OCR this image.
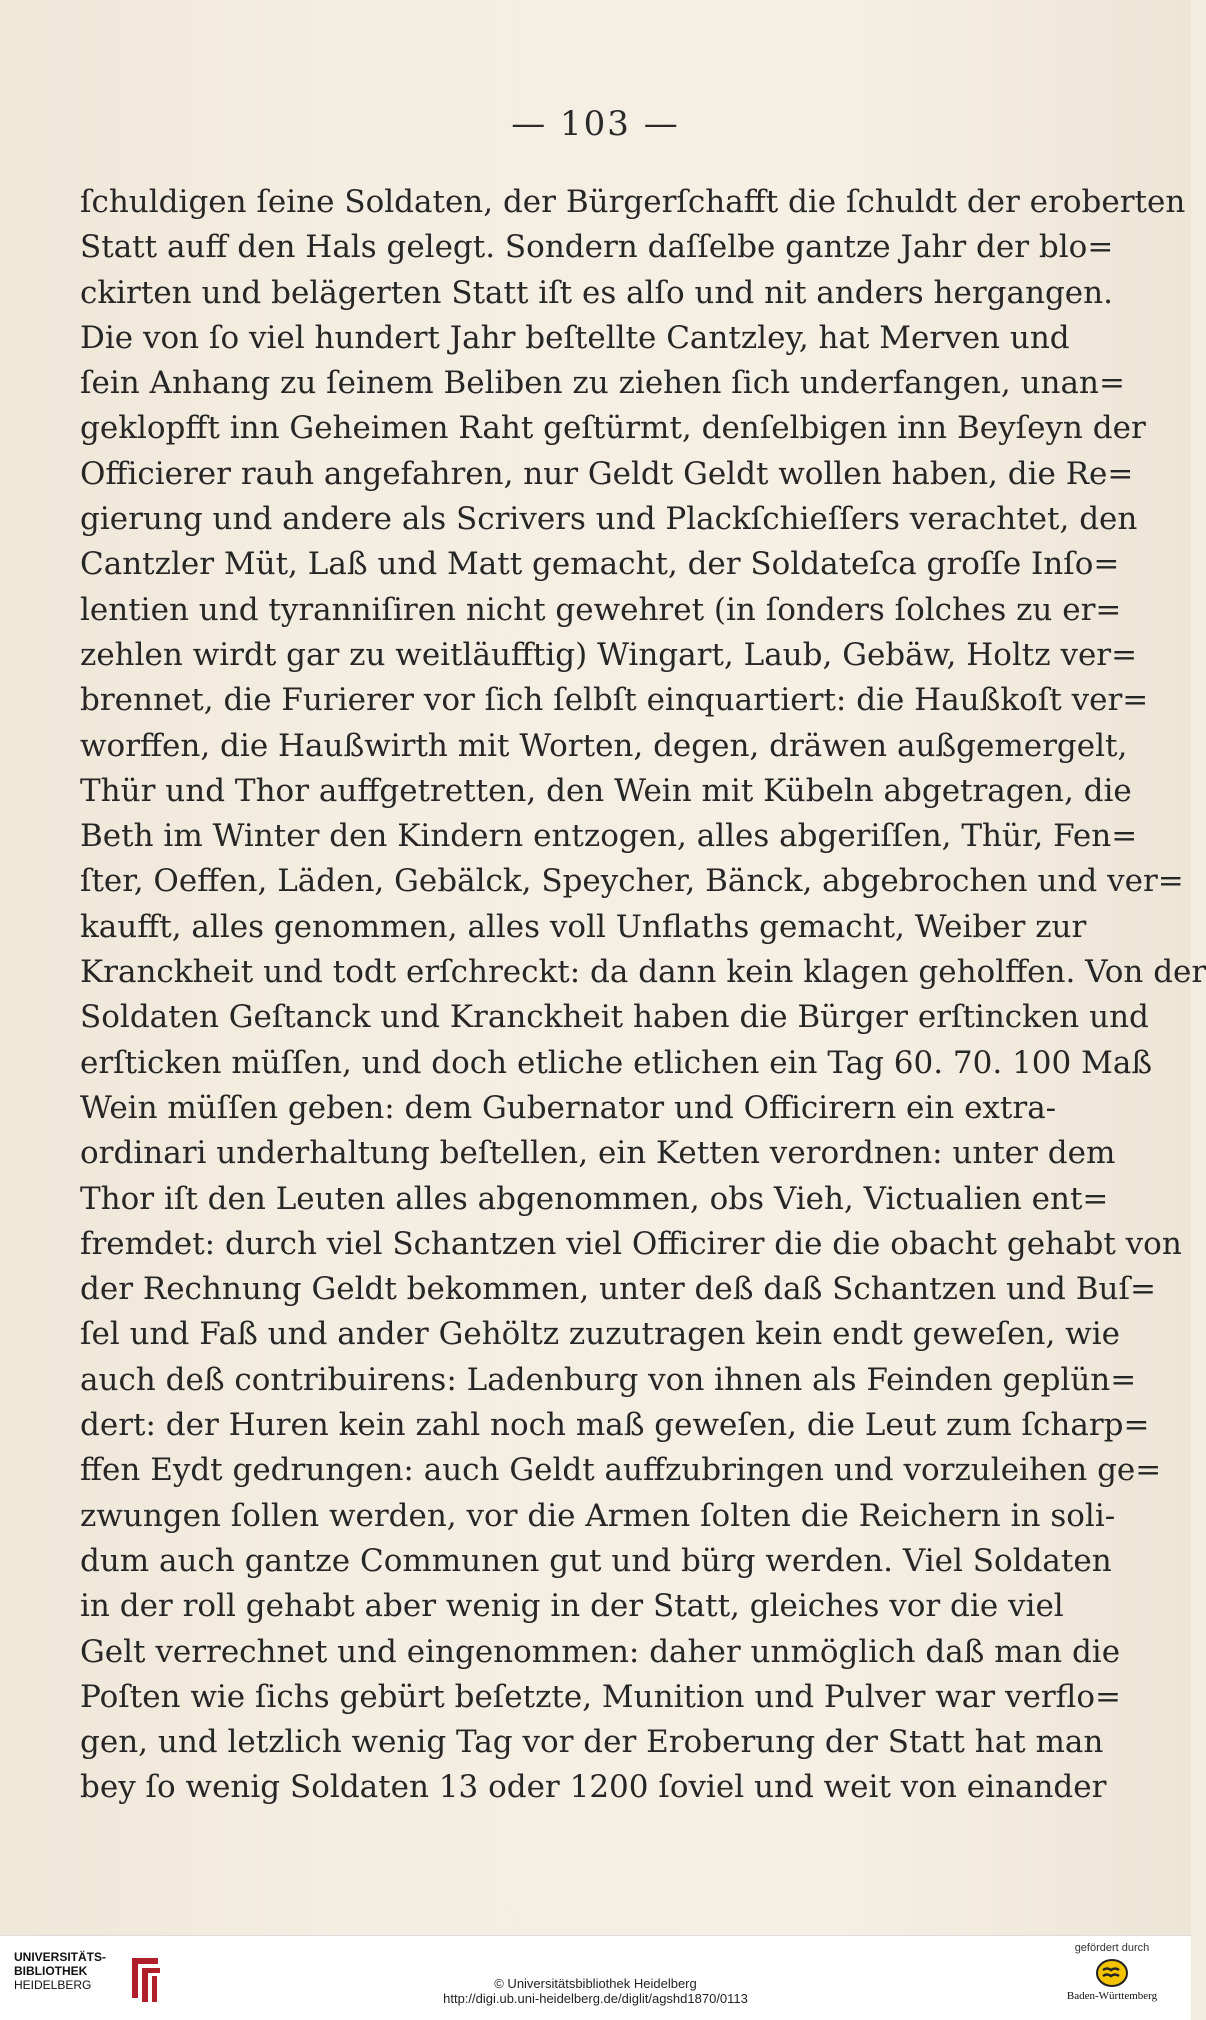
— 103 —
ſchuldigen ſeine Soldaten, der Bürgerſchafft die ſchuldt der eroberten
Statt auff den Hals gelegt. Sondern daſſelbe gantze Jahr der blo=
ckirten und belägerten Statt iſt es alſo und nit anders hergangen.
Die von ſo viel hundert Jahr beſtellte Cantzley, hat Merven und
ſein Anhang zu ſeinem Beliben zu ziehen ſich underfangen, unan=
geklopfft inn Geheimen Raht geſtürmt, denſelbigen inn Beyſeyn der
Officierer rauh angefahren, nur Geldt Geldt wollen haben, die Re=
gierung und andere als Scrivers und Plackſchieſſers verachtet, den
Cantzler Müt, Laß und Matt gemacht, der Soldateſca groſſe Inſo=
lentien und tyranniſiren nicht gewehret (in ſonders ſolches zu er=
zehlen wirdt gar zu weitläufftig) Wingart, Laub, Gebäw, Holtz ver=
brennet, die Furierer vor ſich ſelbſt einquartiert: die Haußkoſt ver=
worffen, die Haußwirth mit Worten, degen, dräwen außgemergelt,
Thür und Thor auffgetretten, den Wein mit Kübeln abgetragen, die
Beth im Winter den Kindern entzogen, alles abgeriſſen, Thür, Fen=
ſter, Oeffen, Läden, Gebälck, Speycher, Bänck, abgebrochen und ver=
kaufft, alles genommen, alles voll Unflaths gemacht, Weiber zur
Kranckheit und todt erſchreckt: da dann kein klagen geholffen. Von der
Soldaten Geſtanck und Kranckheit haben die Bürger erſtincken und
erſticken müſſen, und doch etliche etlichen ein Tag 60. 70. 100 Maß
Wein müſſen geben: dem Gubernator und Officirern ein extra-
ordinari underhaltung beſtellen, ein Ketten verordnen: unter dem
Thor iſt den Leuten alles abgenommen, obs Vieh, Victualien ent=
fremdet: durch viel Schantzen viel Officirer die die obacht gehabt von
der Rechnung Geldt bekommen, unter deß daß Schantzen und Buſ=
ſel und Faß und ander Gehöltz zuzutragen kein endt geweſen, wie
auch deß contribuirens: Ladenburg von ihnen als Feinden geplün=
dert: der Huren kein zahl noch maß geweſen, die Leut zum ſcharp=
ffen Eydt gedrungen: auch Geldt auffzubringen und vorzuleihen ge=
zwungen ſollen werden, vor die Armen ſolten die Reichern in soli-
dum auch gantze Communen gut und bürg werden. Viel Soldaten
in der roll gehabt aber wenig in der Statt, gleiches vor die viel
Gelt verrechnet und eingenommen: daher unmöglich daß man die
Poſten wie ſichs gebürt beſetzte, Munition und Pulver war verflo=
gen, und letzlich wenig Tag vor der Eroberung der Statt hat man
bey ſo wenig Soldaten 13 oder 1200 ſoviel und weit von einander
UNIVERSITÄTS-
BIBLIOTHEK
HEIDELBERG	© Universitätsbibliothek Heidelberg
http://digi.ub.uni-heidelberg.de/diglit/agshd1870/0113
gefördert durch
Baden-Württemberg
